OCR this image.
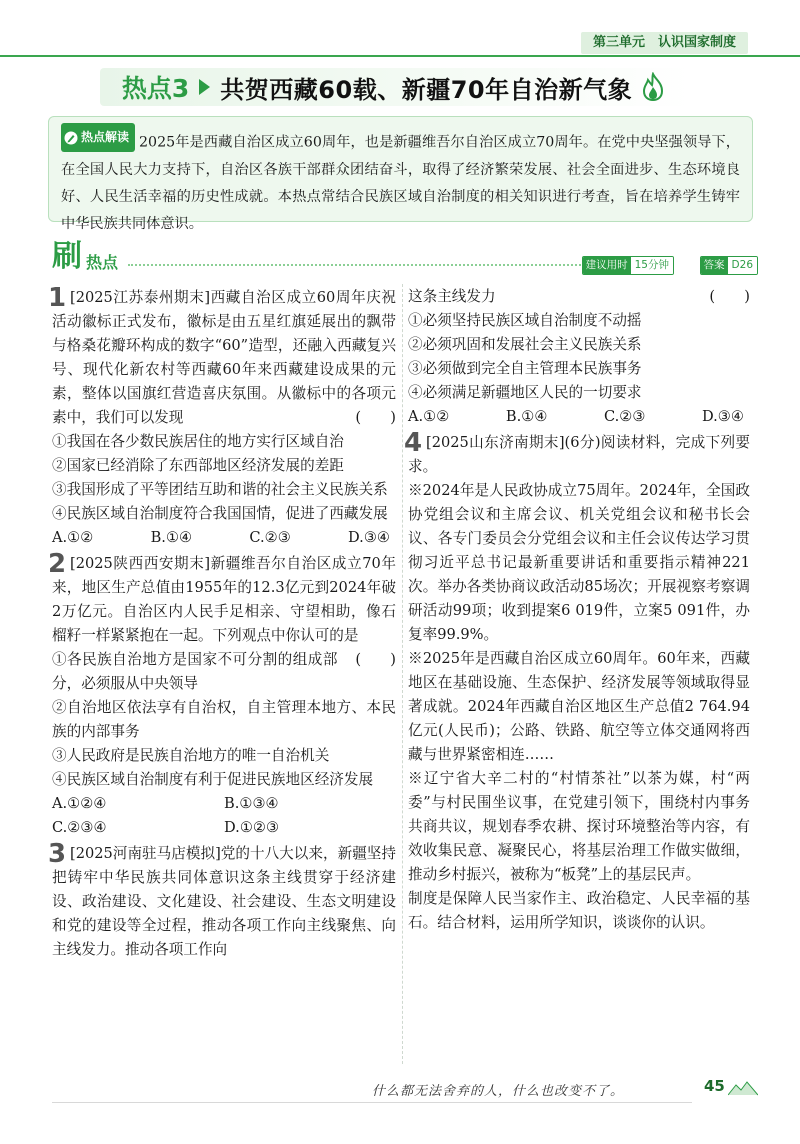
第三单元　认识国家制度
热点3 共贺西藏60载、新疆70年自治新气象
热点解读 2025年是西藏自治区成立60周年，也是新疆维吾尔自治区成立70周年。在党中央坚强领导下，在全国人民大力支持下，自治区各族干部群众团结奋斗，取得了经济繁荣发展、社会全面进步、生态环境良好、人民生活幸福的历史性成就。本热点常结合民族区域自治制度的相关知识进行考查，旨在培养学生铸牢中华民族共同体意识。
刷 热点	建议用时 15分钟	答案 D26
1 [2025江苏泰州期末]西藏自治区成立60周年庆祝活动徽标正式发布，徽标是由五星红旗延展出的飘带与格桑花瓣环构成的数字“60”造型，还融入西藏复兴号、现代化新农村等西藏60年来西藏建设成果的元素，整体以国旗红营造喜庆氛围。从徽标中的各项元素中，我们可以发现	(　　)

①我国在各少数民族居住的地方实行区域自治

②国家已经消除了东西部地区经济发展的差距

③我国形成了平等团结互助和谐的社会主义民族关系

④民族区域自治制度符合我国国情，促进了西藏发展

A.①②	B.①④	C.②③	D.③④
2 [2025陕西西安期末]新疆维吾尔自治区成立70年来，地区生产总值由1955年的12.3亿元到2024年破2万亿元。自治区内人民手足相亲、守望相助，像石榴籽一样紧紧抱在一起。下列观点中你认可的是
(　　)

①各民族自治地方是国家不可分割的组成部分，必须服从中央领导

②自治地区依法享有自治权，自主管理本地方、本民族的内部事务

③人民政府是民族自治地方的唯一自治机关

④民族区域自治制度有利于促进民族地区经济发展

A.①②④	B.①③④
C.②③④	D.①②③
3 [2025河南驻马店模拟]党的十八大以来，新疆坚持把铸牢中华民族共同体意识这条主线贯穿于经济建设、政治建设、文化建设、社会建设、生态文明建设和党的建设等全过程，推动各项工作向主线聚焦、向主线发力。推动各项工作向

这条主线发力	(　　)

①必须坚持民族区域自治制度不动摇

②必须巩固和发展社会主义民族关系

③必须做到完全自主管理本民族事务

④必须满足新疆地区人民的一切要求

A.①②	B.①④	C.②③	D.③④
4 [2025山东济南期末](6分)阅读材料，完成下列要求。

※2024年是人民政协成立75周年。2024年，全国政协党组会议和主席会议、机关党组会议和秘书长会议、各专门委员会分党组会议和主任会议传达学习贯彻习近平总书记最新重要讲话和重要指示精神221次。举办各类协商议政活动85场次；开展视察考察调研活动99项；收到提案6 019件，立案5 091件，办复率99.9%。

※2025年是西藏自治区成立60周年。60年来，西藏地区在基础设施、生态保护、经济发展等领域取得显著成就。2024年西藏自治区地区生产总值2 764.94亿元(人民币)；公路、铁路、航空等立体交通网将西藏与世界紧密相连……

※辽宁省大辛二村的“村情茶社”以茶为媒，村“两委”与村民围坐议事，在党建引领下，围绕村内事务共商共议，规划春季农耕、探讨环境整治等内容，有效收集民意、凝聚民心，将基层治理工作做实做细，推动乡村振兴，被称为“板凳”上的基层民声。

制度是保障人民当家作主、政治稳定、人民幸福的基石。结合材料，运用所学知识，谈谈你的认识。

什么都无法舍弃的人，什么也改变不了。	45
